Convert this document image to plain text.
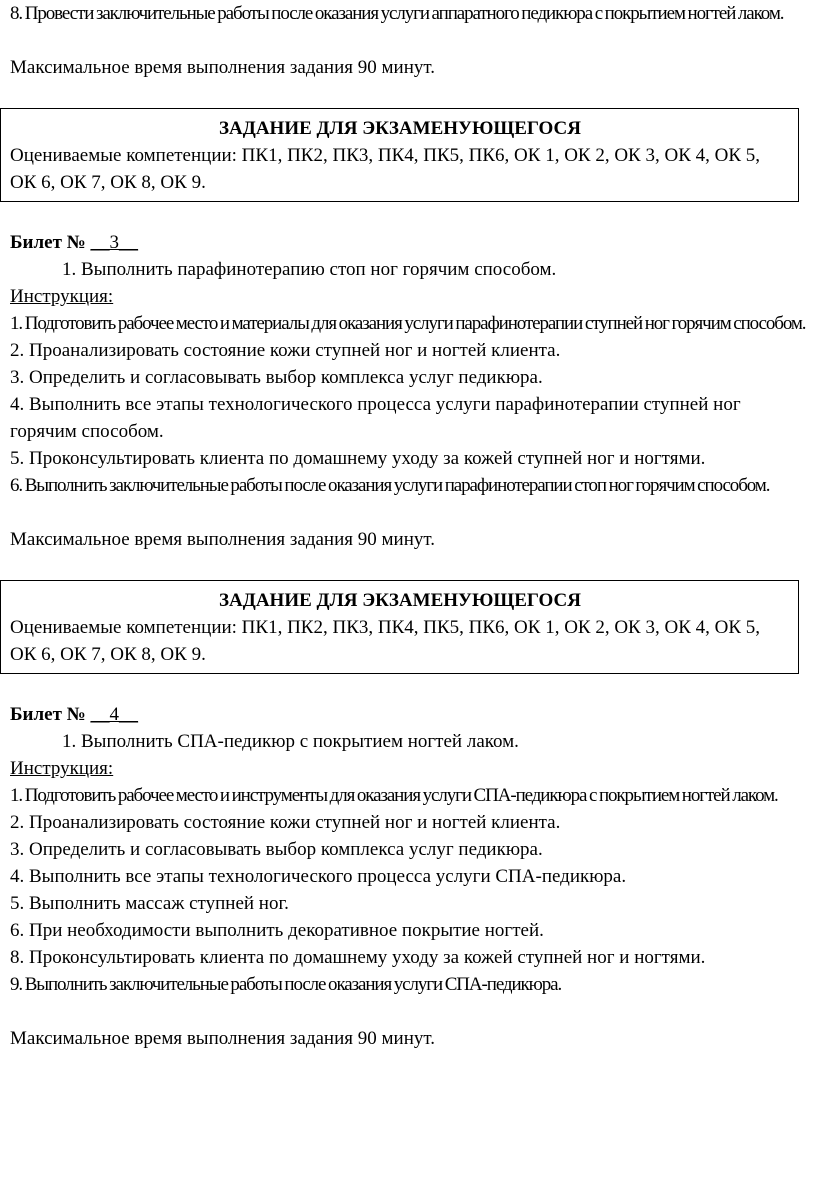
8. Провести заключительные работы после оказания услуги аппаратного педикюра с покрытием ногтей лаком.

Максимальное время выполнения задания 90 минут.

ЗАДАНИЕ ДЛЯ ЭКЗАМЕНУЮЩЕГОСЯ

Оцениваемые компетенции: ПК1, ПК2, ПК3, ПК4, ПК5, ПК6, ОК 1, ОК 2, ОК 3, ОК 4, ОК 5, ОК 6, ОК 7, ОК 8, ОК 9.

Билет № __3__

1. Выполнить парафинотерапию стоп ног горячим способом.

Инструкция:

1. Подготовить рабочее место и материалы для оказания услуги парафинотерапии ступней ног горячим способом.

2. Проанализировать состояние кожи ступней ног и ногтей клиента.

3. Определить и согласовывать выбор комплекса услуг педикюра.

4. Выполнить все этапы технологического процесса услуги парафинотерапии ступней ног горячим способом.

5. Проконсультировать клиента по домашнему уходу за кожей ступней ног и ногтями.

6. Выполнить заключительные работы после оказания услуги парафинотерапии стоп ног горячим способом.

Максимальное время выполнения задания 90 минут.

ЗАДАНИЕ ДЛЯ ЭКЗАМЕНУЮЩЕГОСЯ

Оцениваемые компетенции: ПК1, ПК2, ПК3, ПК4, ПК5, ПК6, ОК 1, ОК 2, ОК 3, ОК 4, ОК 5, ОК 6, ОК 7, ОК 8, ОК 9.

Билет № __4__

1. Выполнить СПА-педикюр с покрытием ногтей лаком.

Инструкция:

1. Подготовить рабочее место и инструменты для оказания услуги СПА-педикюра с покрытием ногтей лаком.

2. Проанализировать состояние кожи ступней ног и ногтей клиента.

3. Определить и согласовывать выбор комплекса услуг педикюра.

4. Выполнить все этапы технологического процесса услуги СПА-педикюра.

5. Выполнить массаж ступней ног.

6. При необходимости выполнить декоративное покрытие ногтей.

8. Проконсультировать клиента по домашнему уходу за кожей ступней ног и ногтями.

9. Выполнить заключительные работы после оказания услуги СПА-педикюра.

Максимальное время выполнения задания 90 минут.
